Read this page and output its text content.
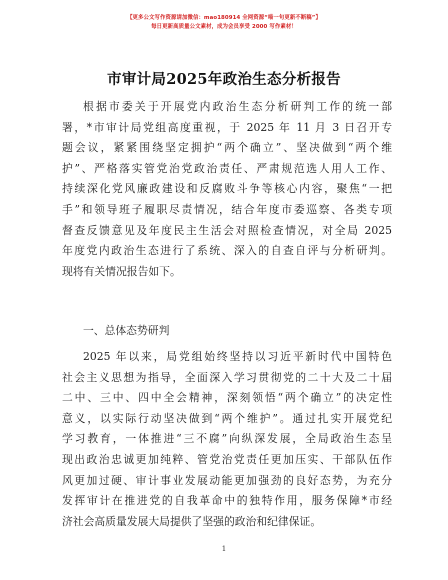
【更多公文写作资源请加微信：mao180914 全网资源“喵一句更新不断稿”】
每日更新高质量公文素材，成为会员享受 2000 写作素材！
市审计局2025年政治生态分析报告
根据市委关于开展党内政治生态分析研判工作的统一部
署，*市审计局党组高度重视，于 2025 年 11 月 3 日召开专
题会议，紧紧围绕坚定拥护“两个确立”、坚决做到“两个维
护”、严格落实管党治党政治责任、严肃规范选人用人工作、
持续深化党风廉政建设和反腐败斗争等核心内容，聚焦“一把
手”和领导班子履职尽责情况，结合年度市委巡察、各类专项
督查反馈意见及年度民主生活会对照检查情况，对全局 2025
年度党内政治生态进行了系统、深入的自查自评与分析研判。
现将有关情况报告如下。
一、总体态势研判
2025 年以来，局党组始终坚持以习近平新时代中国特色
社会主义思想为指导，全面深入学习贯彻党的二十大及二十届
二中、三中、四中全会精神，深刻领悟“两个确立”的决定性
意义，以实际行动坚决做到“两个维护”。通过扎实开展党纪
学习教育，一体推进“三不腐”向纵深发展，全局政治生态呈
现出政治忠诚更加纯粹、管党治党责任更加压实、干部队伍作
风更加过硬、审计事业发展动能更加强劲的良好态势，为充分
发挥审计在推进党的自我革命中的独特作用，服务保障*市经
济社会高质量发展大局提供了坚强的政治和纪律保证。
1
